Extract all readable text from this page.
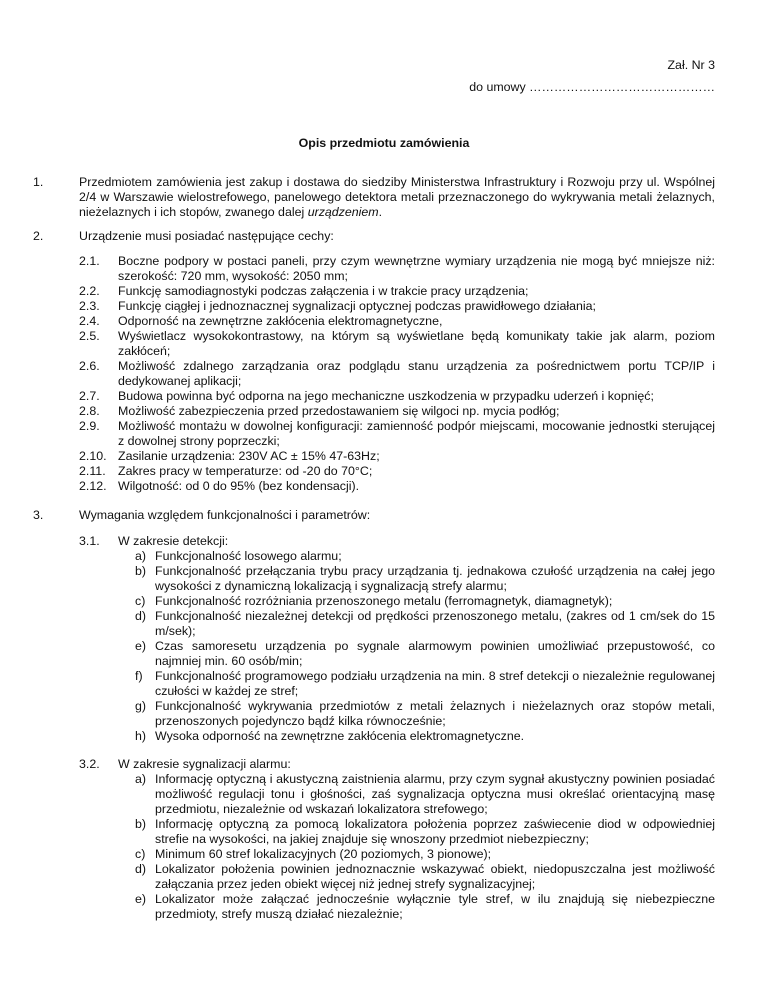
Zał. Nr 3
do umowy ………………………………………
Opis przedmiotu zamówienia
1.	Przedmiotem zamówienia jest zakup i dostawa do siedziby Ministerstwa Infrastruktury i Rozwoju przy ul. Wspólnej 2/4 w Warszawie wielostrefowego, panelowego detektora metali przeznaczonego do wykrywania metali żelaznych, nieżelaznych i ich stopów, zwanego dalej urządzeniem.
2.	Urządzenie musi posiadać następujące cechy:
2.1. Boczne podpory w postaci paneli, przy czym wewnętrzne wymiary urządzenia nie mogą być mniejsze niż: szerokość: 720 mm, wysokość: 2050 mm;
2.2. Funkcję samodiagnostyki podczas załączenia i w trakcie pracy urządzenia;
2.3. Funkcję ciągłej i jednoznacznej sygnalizacji optycznej podczas prawidłowego działania;
2.4. Odporność na zewnętrzne zakłócenia elektromagnetyczne,
2.5. Wyświetlacz wysokokontrastowy, na którym są wyświetlane będą komunikaty takie jak alarm, poziom zakłóceń;
2.6. Możliwość zdalnego zarządzania oraz podglądu stanu urządzenia za pośrednictwem portu TCP/IP i dedykowanej aplikacji;
2.7. Budowa powinna być odporna na jego mechaniczne uszkodzenia w przypadku uderzeń i kopnięć;
2.8. Możliwość zabezpieczenia przed przedostawaniem się wilgoci np. mycia podłóg;
2.9. Możliwość montażu w dowolnej konfiguracji: zamienność podpór miejscami, mocowanie jednostki sterującej z dowolnej strony poprzeczki;
2.10. Zasilanie urządzenia: 230V AC ± 15% 47-63Hz;
2.11. Zakres pracy w temperaturze: od -20 do 70°C;
2.12. Wilgotność: od 0 do 95% (bez kondensacji).
3.	Wymagania względem funkcjonalności i parametrów:
3.1. W zakresie detekcji:
a) Funkcjonalność losowego alarmu;
b) Funkcjonalność przełączania trybu pracy urządzania tj. jednakowa czułość urządzenia na całej jego wysokości z dynamiczną lokalizacją i sygnalizacją strefy alarmu;
c) Funkcjonalność rozróżniania przenoszonego metalu (ferromagnetyk, diamagnetyk);
d) Funkcjonalność niezależnej detekcji od prędkości przenoszonego metalu, (zakres od 1 cm/sek do 15 m/sek);
e) Czas samoresetu urządzenia po sygnale alarmowym powinien umożliwiać przepustowość, co najmniej min. 60 osób/min;
f) Funkcjonalność programowego podziału urządzenia na min. 8 stref detekcji o niezależnie regulowanej czułości w każdej ze stref;
g) Funkcjonalność wykrywania przedmiotów z metali żelaznych i nieżelaznych oraz stopów metali, przenoszonych pojedynczo bądź kilka równocześnie;
h) Wysoka odporność na zewnętrzne zakłócenia elektromagnetyczne.
3.2. W zakresie sygnalizacji alarmu:
a) Informację optyczną i akustyczną zaistnienia alarmu, przy czym sygnał akustyczny powinien posiadać możliwość regulacji tonu i głośności, zaś sygnalizacja optyczna musi określać orientacyjną masę przedmiotu, niezależnie od wskazań lokalizatora strefowego;
b) Informację optyczną za pomocą lokalizatora położenia poprzez zaświecenie diod w odpowiedniej strefie na wysokości, na jakiej znajduje się wnoszony przedmiot niebezpieczny;
c) Minimum 60 stref lokalizacyjnych (20 poziomych, 3 pionowe);
d) Lokalizator położenia powinien jednoznacznie wskazywać obiekt, niedopuszczalna jest możliwość załączania przez jeden obiekt więcej niż jednej strefy sygnalizacyjnej;
e) Lokalizator może załączać jednocześnie wyłącznie tyle stref, w ilu znajdują się niebezpieczne przedmioty, strefy muszą działać niezależnie;
